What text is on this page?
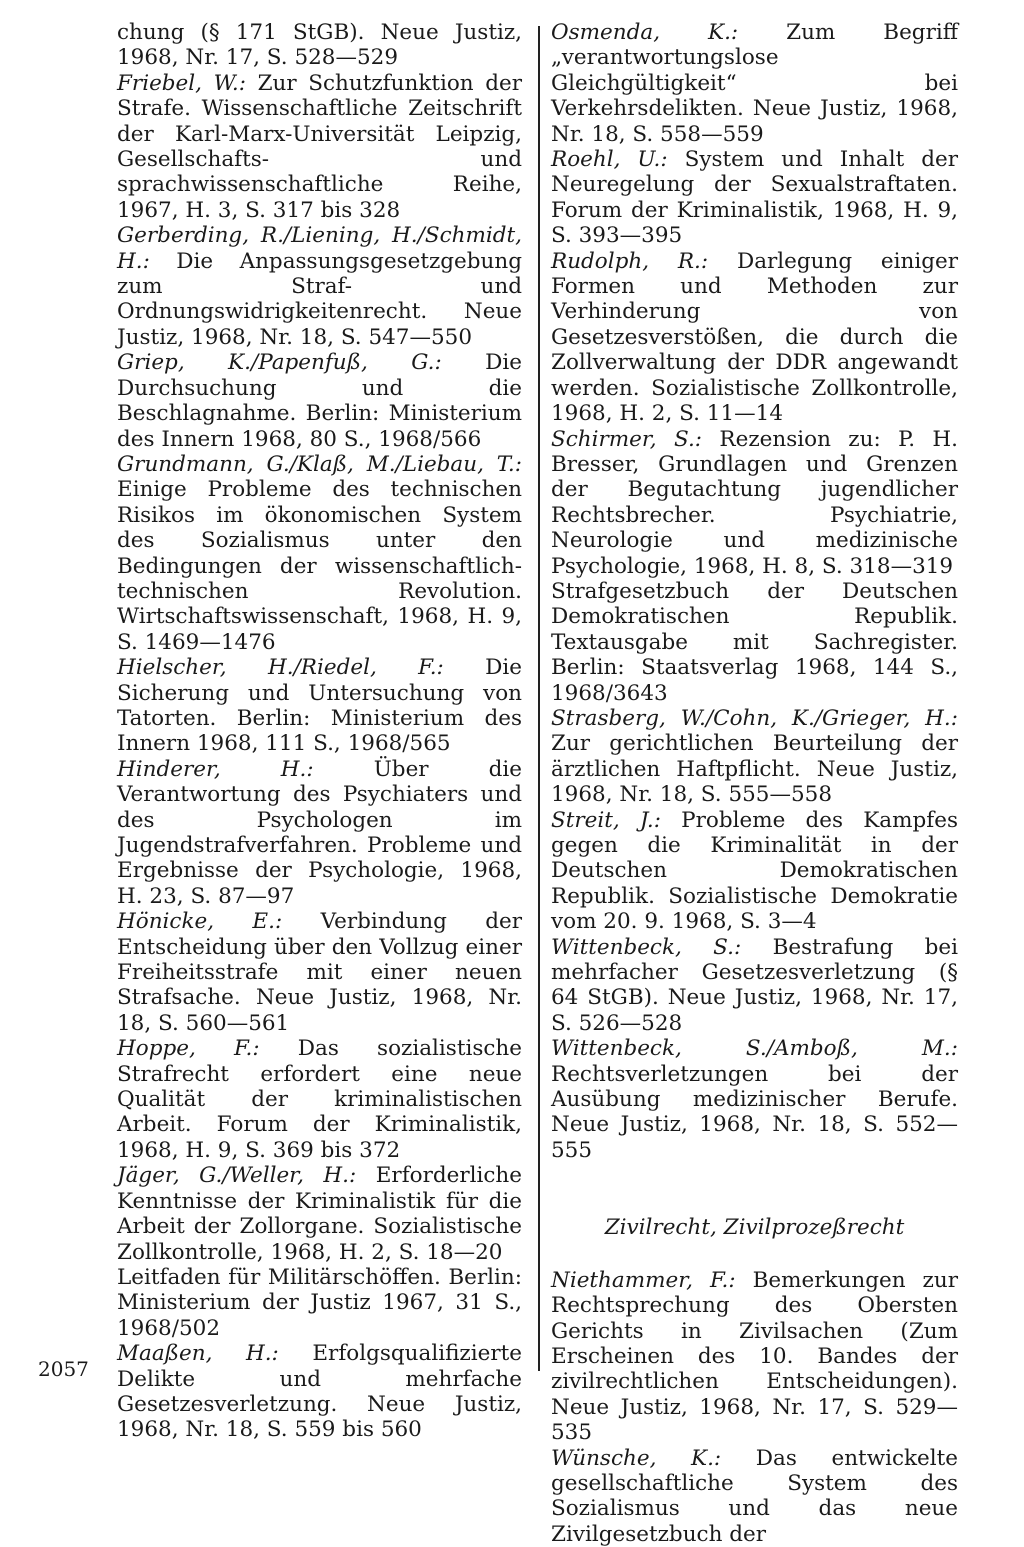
chung (§ 171 StGB). Neue Justiz, 1968, Nr. 17, S. 528—529

Friebel, W.: Zur Schutzfunktion der Strafe. Wissenschaftliche Zeitschrift der Karl-Marx-Universität Leipzig, Gesellschafts- und sprachwissenschaftliche Reihe, 1967, H. 3, S. 317 bis 328

Gerberding, R./Liening, H./Schmidt, H.: Die Anpassungsgesetzgebung zum Straf- und Ordnungswidrigkeitenrecht. Neue Justiz, 1968, Nr. 18, S. 547—550

Griep, K./Papenfuß, G.: Die Durchsuchung und die Beschlagnahme. Berlin: Ministerium des Innern 1968, 80 S., 1968/566

Grundmann, G./Klaß, M./Liebau, T.: Einige Probleme des technischen Risikos im ökonomischen System des Sozialismus unter den Bedingungen der wissenschaftlich-technischen Revolution. Wirtschaftswissenschaft, 1968, H. 9, S. 1469—1476

Hielscher, H./Riedel, F.: Die Sicherung und Untersuchung von Tatorten. Berlin: Ministerium des Innern 1968, 111 S., 1968/565

Hinderer, H.:	Über die Verantwortung des Psychiaters und des Psychologen im Jugendstrafverfahren. Probleme und Ergebnisse der Psychologie, 1968, H. 23, S. 87—97

Hönicke, E.: Verbindung der Entscheidung über den Vollzug einer Freiheitsstrafe mit einer neuen Strafsache. Neue Justiz, 1968, Nr. 18, S. 560—561

Hoppe, F.: Das sozialistische Strafrecht erfordert eine neue Qualität der kriminalistischen Arbeit. Forum der Kriminalistik, 1968, H. 9, S. 369 bis 372

Jäger, G./Weller, H.: Erforderliche Kenntnisse der Kriminalistik für die Arbeit der Zollorgane. Sozialistische Zollkontrolle, 1968, H. 2, S. 18—20

Leitfaden für Militärschöffen. Berlin: Ministerium der Justiz 1967, 31 S., 1968/502

Maaßen, H.: Erfolgsqualifizierte Delikte und mehrfache Gesetzesverletzung. Neue Justiz, 1968, Nr. 18, S. 559 bis 560

Osmenda, K.: Zum Begriff „verantwortungslose Gleichgültigkeit“ bei Verkehrsdelikten. Neue Justiz, 1968, Nr. 18, S. 558—559

Roehl, U.: System und Inhalt der Neuregelung der Sexualstraftaten. Forum der Kriminalistik, 1968, H. 9, S. 393—395

Rudolph, R.: Darlegung einiger Formen und Methoden zur Verhinderung von Gesetzesverstößen, die durch die Zollverwaltung der DDR angewandt werden. Sozialistische Zollkontrolle, 1968, H. 2, S. 11—14

Schirmer, S.: Rezension zu: P. H. Bresser, Grundlagen und Grenzen der Begutachtung jugendlicher Rechtsbrecher. Psychiatrie, Neurologie und medizinische Psychologie, 1968, H. 8, S. 318—319

Strafgesetzbuch der Deutschen Demokratischen Republik. Textausgabe mit Sachregister. Berlin: Staatsverlag 1968, 144 S., 1968/3643

Strasberg, W./Cohn, K./Grieger, H.: Zur gerichtlichen Beurteilung der ärztlichen Haftpflicht. Neue Justiz, 1968, Nr. 18, S. 555—558

Streit, J.: Probleme des Kampfes gegen die Kriminalität in der Deutschen Demokratischen Republik. Sozialistische Demokratie vom 20. 9. 1968, S. 3—4

Wittenbeck, S.: Bestrafung bei mehrfacher Gesetzesverletzung (§ 64 StGB). Neue Justiz, 1968, Nr. 17, S. 526—528

Wittenbeck, S./Amboß, M.: Rechtsverletzungen bei der Ausübung medizinischer Berufe. Neue Justiz, 1968, Nr. 18, S. 552—555

Zivilrecht, Zivilprozeßrecht

Niethammer, F.: Bemerkungen zur Rechtsprechung des Obersten Gerichts in Zivilsachen (Zum Erscheinen des 10. Bandes der zivilrechtlichen Entscheidungen). Neue Justiz, 1968, Nr. 17, S. 529—535

Wünsche, K.: Das entwickelte gesellschaftliche System des Sozialismus und das neue Zivilgesetzbuch der

2057
